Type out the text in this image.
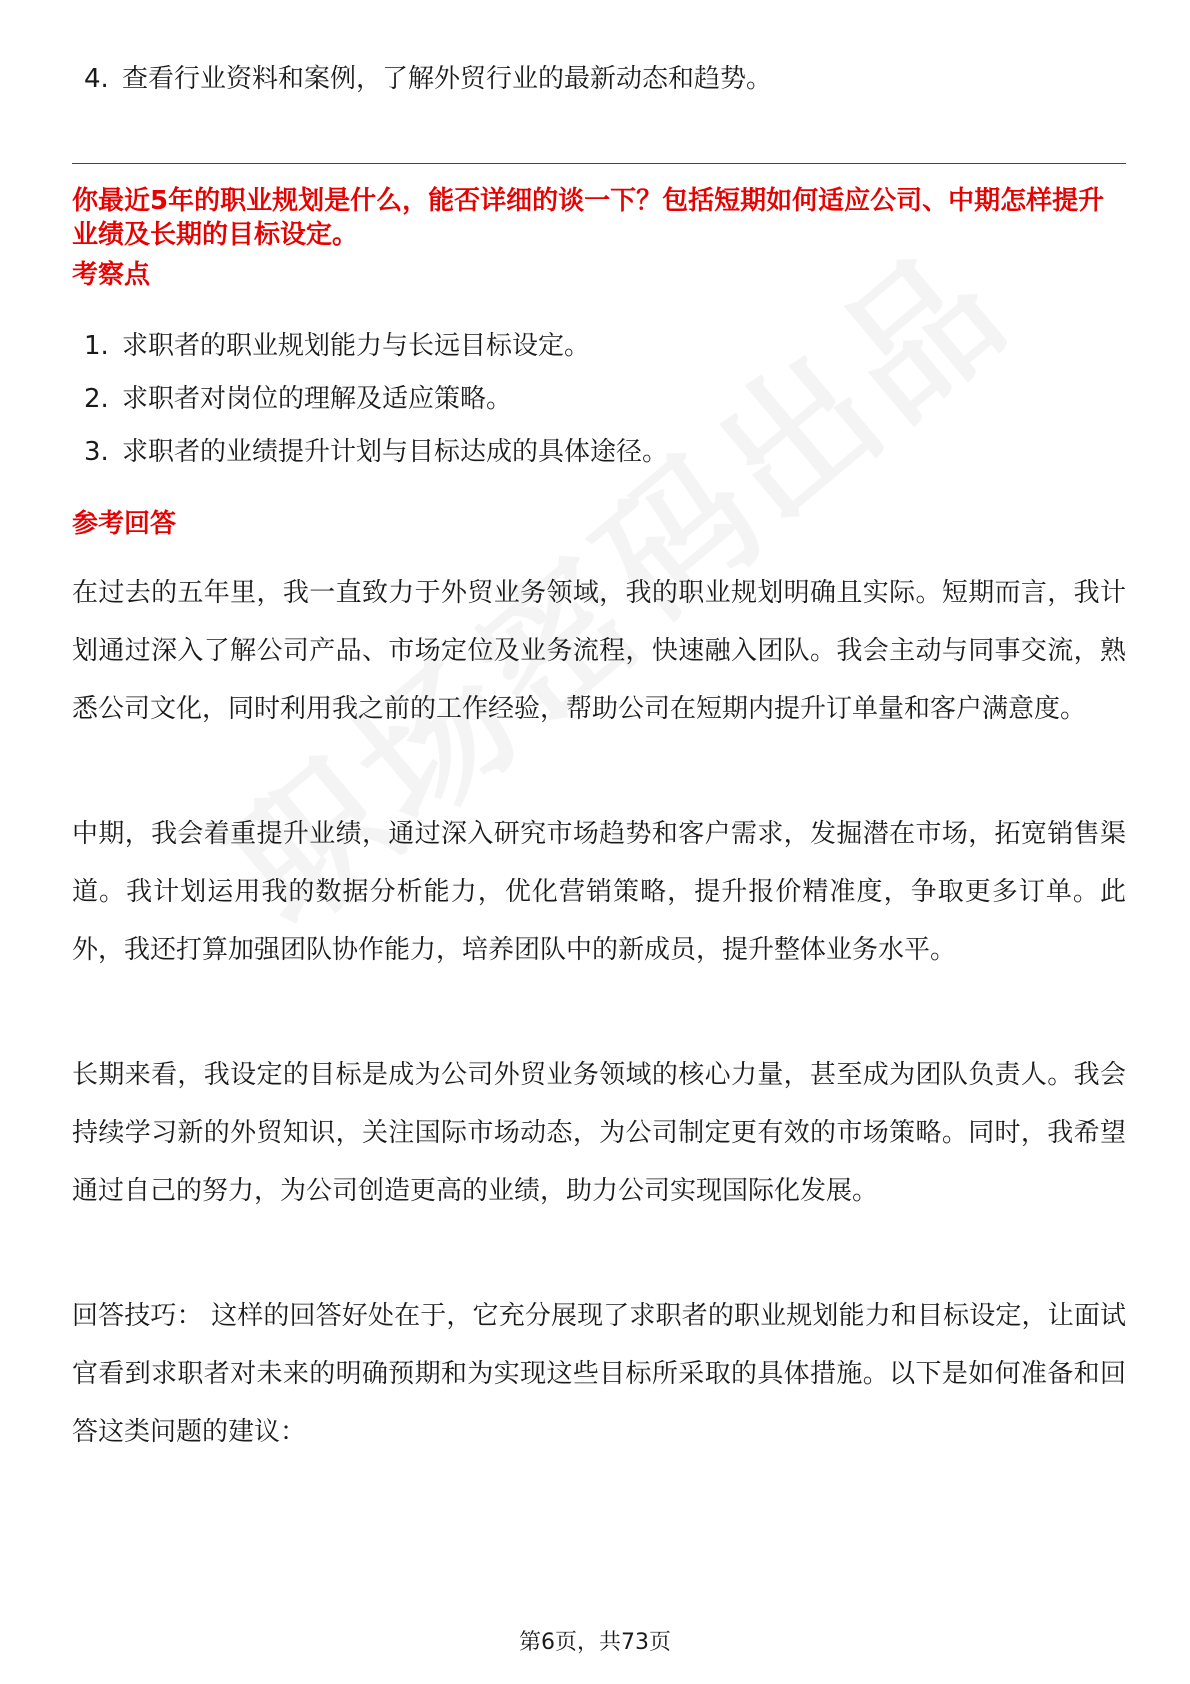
4. 查看行业资料和案例，了解外贸行业的最新动态和趋势。
你最近5年的职业规划是什么，能否详细的谈一下？包括短期如何适应公司、中期怎样提升业绩及长期的目标设定。
考察点
1. 求职者的职业规划能力与长远目标设定。
2. 求职者对岗位的理解及适应策略。
3. 求职者的业绩提升计划与目标达成的具体途径。
参考回答
在过去的五年里，我一直致力于外贸业务领域，我的职业规划明确且实际。短期而言，我计划通过深入了解公司产品、市场定位及业务流程，快速融入团队。我会主动与同事交流，熟悉公司文化，同时利用我之前的工作经验，帮助公司在短期内提升订单量和客户满意度。
中期，我会着重提升业绩，通过深入研究市场趋势和客户需求，发掘潜在市场，拓宽销售渠道。我计划运用我的数据分析能力，优化营销策略，提升报价精准度，争取更多订单。此外，我还打算加强团队协作能力，培养团队中的新成员，提升整体业务水平。
长期来看，我设定的目标是成为公司外贸业务领域的核心力量，甚至成为团队负责人。我会持续学习新的外贸知识，关注国际市场动态，为公司制定更有效的市场策略。同时，我希望通过自己的努力，为公司创造更高的业绩，助力公司实现国际化发展。
回答技巧： 这样的回答好处在于，它充分展现了求职者的职业规划能力和目标设定，让面试官看到求职者对未来的明确预期和为实现这些目标所采取的具体措施。以下是如何准备和回答这类问题的建议：
第6页，共73页
